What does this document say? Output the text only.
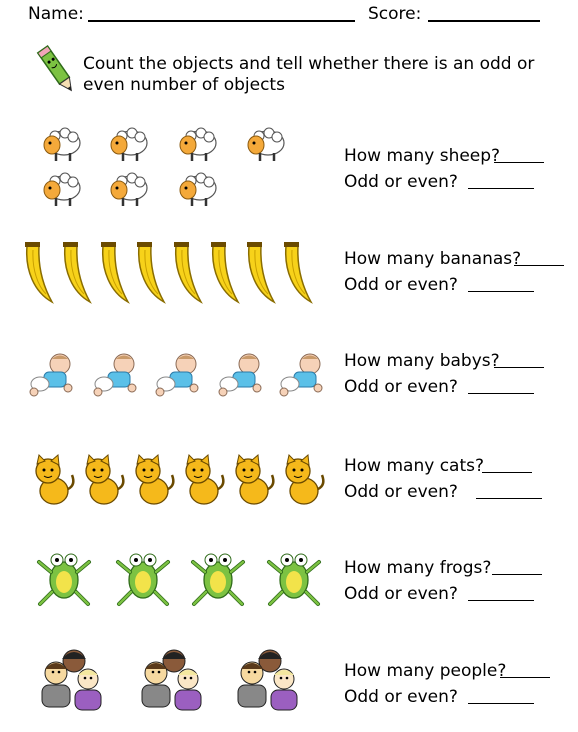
Name:	Score:
Count the objects and tell whether there is an odd or even number of objects
How many sheep?
Odd or even?
How many bananas?
Odd or even?
How many babys?
Odd or even?
How many cats?
Odd or even?
How many frogs?
Odd or even?
How many people?
Odd or even?
